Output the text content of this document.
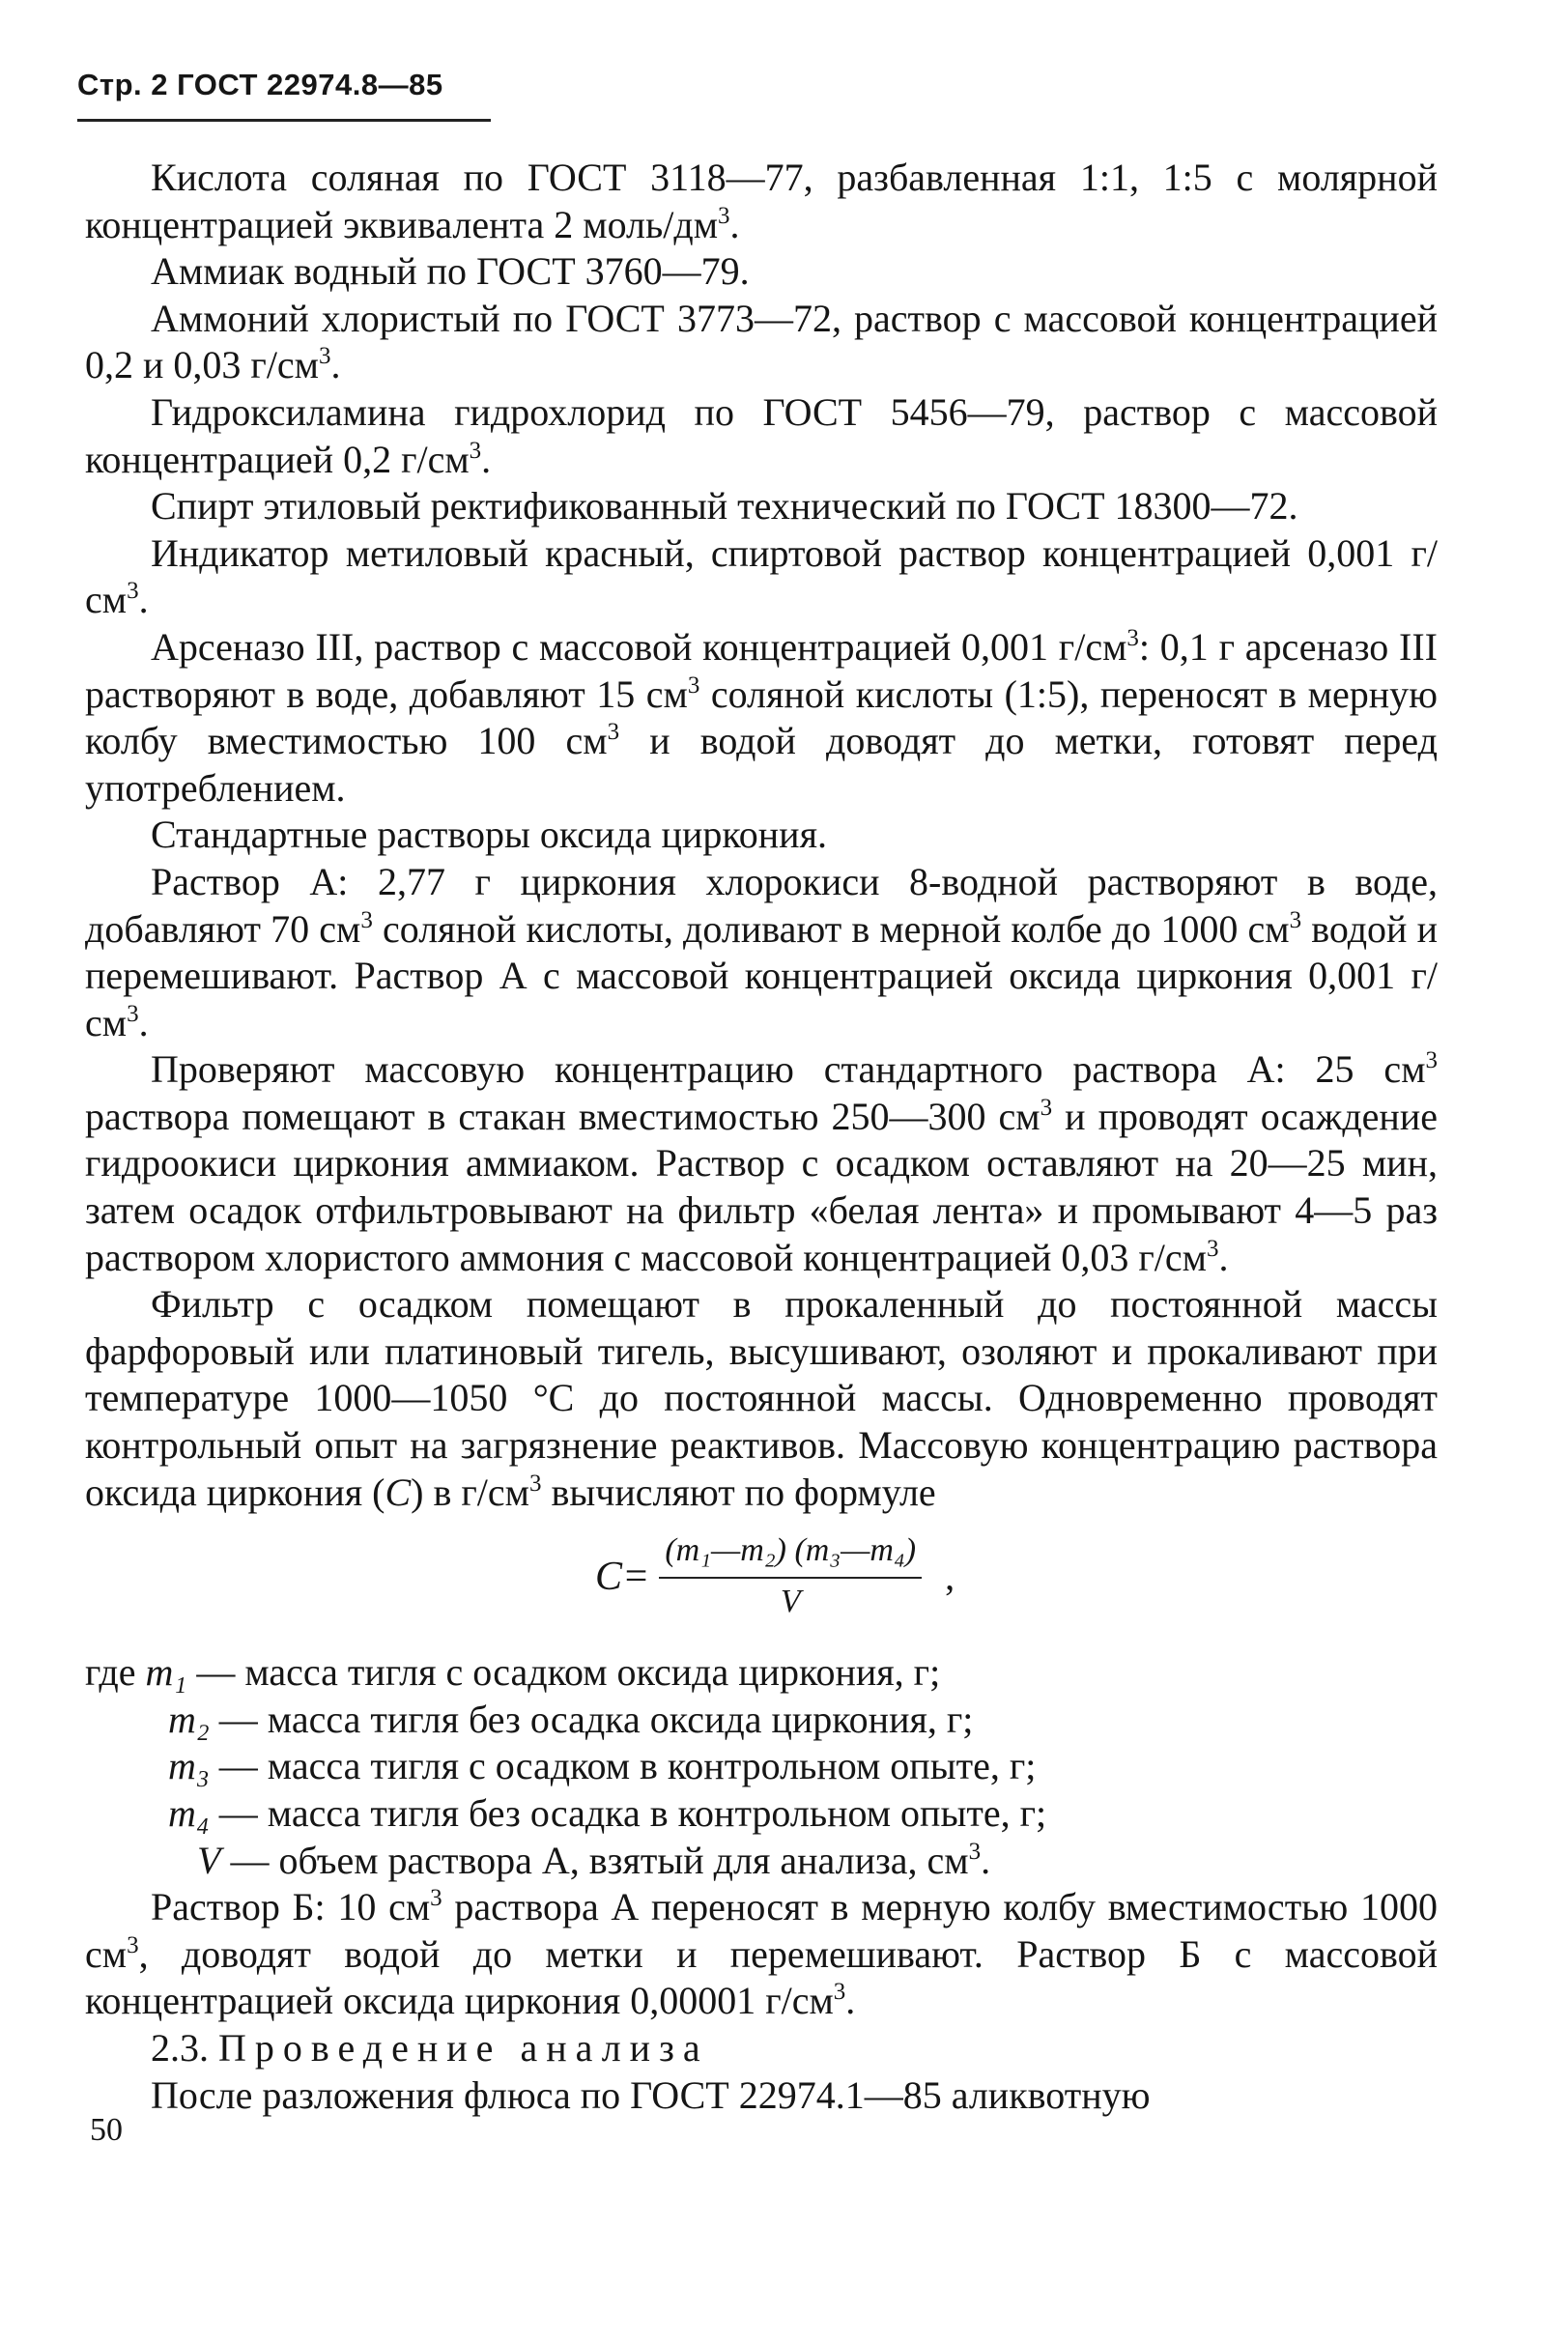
Стр. 2 ГОСТ 22974.8—85

Кислота соляная по ГОСТ 3118—77, разбавленная 1:1, 1:5 с молярной концентрацией эквивалента 2 моль/$дм^3$.

Аммиак водный по ГОСТ 3760—79.

Аммоний хлористый по ГОСТ 3773—72, раствор с массовой концентрацией 0,2 и 0,03 $г/см^3$.

Гидроксиламина гидрохлорид по ГОСТ 5456—79, раствор с массовой концентрацией 0,2 $г/см^3$.

Спирт этиловый ректификованный технический по ГОСТ 18300—72.

Индикатор метиловый красный, спиртовой раствор концентрацией 0,001 $г/см^3$.

Арсеназо III, раствор с массовой концентрацией 0,001 $г/см^3$: 0,1 г арсеназо III растворяют в воде, добавляют 15 $см^3$ соляной кислоты (1:5), переносят в мерную колбу вместимостью 100 $см^3$ и водой доводят до метки, готовят перед употреблением.

Стандартные растворы оксида циркония.

Раствор А: 2,77 г циркония хлорокиси 8-водной растворяют в воде, добавляют 70 $см^3$ соляной кислоты, доливают в мерной колбе до 1000 $см^3$ водой и перемешивают. Раствор А с массовой концентрацией оксида циркония 0,001 $г/см^3$.

Проверяют массовую концентрацию стандартного раствора А: 25 $см^3$ раствора помещают в стакан вместимостью 250—300 $см^3$ и проводят осаждение гидроокиси циркония аммиаком. Раствор с осадком оставляют на 20—25 мин, затем осадок отфильтровывают на фильтр «белая лента» и промывают 4—5 раз раствором хлористого аммония с массовой концентрацией 0,03 $г/см^3$.

Фильтр с осадком помещают в прокаленный до постоянной массы фарфоровый или платиновый тигель, высушивают, озоляют и прокаливают при температуре 1000—1050 °С до постоянной массы. Одновременно проводят контрольный опыт на загрязнение реактивов. Массовую концентрацию раствора оксида циркония (С) в $г/см^3$ вычисляют по формуле

$C= \frac{\text{(m₁—m₂) (m₃—m₄)}}{V}$ ,
где m₁ — масса тигля с осадком оксида циркония, г;
m₂ — масса тигля без осадка оксида циркония, г;
m₃ — масса тигля с осадком в контрольном опыте, г;
m₄ — масса тигля без осадка в контрольном опыте, г;
V — объем раствора А, взятый для анализа, $см^3$.

Раствор Б: 10 $см^3$ раствора А переносят в мерную колбу вместимостью 1000 $см^3$, доводят водой до метки и перемешивают. Раствор Б с массовой концентрацией оксида циркония 0,00001 $г/см^3$.

2.3. Проведение анализа

После разложения флюса по ГОСТ 22974.1—85 аликвотную

50
